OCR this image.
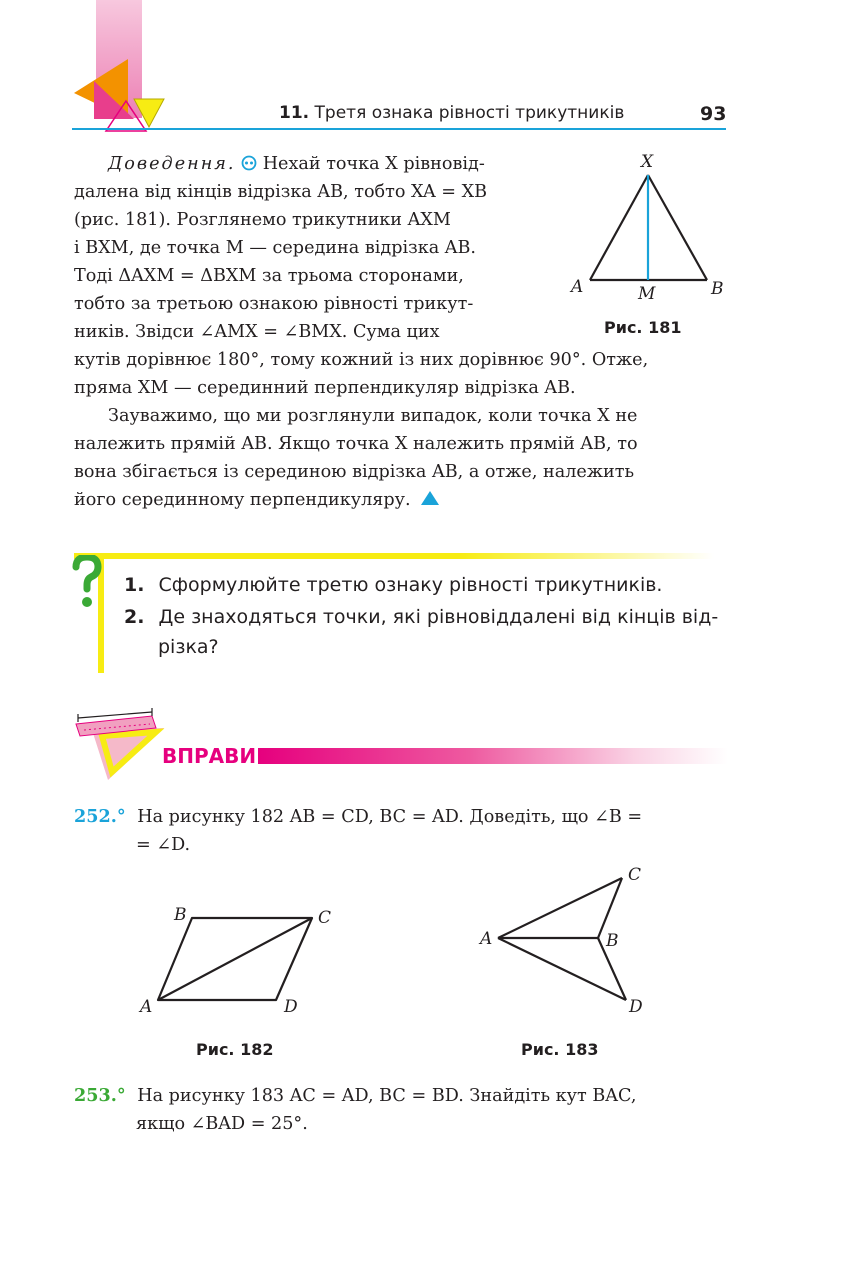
11. Третя ознака рівності трикутників	93
Доведення. Нехай точка X рівновід-
далена від кінців відрізка AB, тобто XA = XB
(рис. 181). Розглянемо трикутники AXM
і BXM, де точка M — середина відрізка AB.
Тоді ΔAXM = ΔBXM за трьома сторонами,
тобто за третьою ознакою рівності трикут-
ників. Звідси ∠AMX = ∠BMX. Сума цих
кутів дорівнює 180°, тому кожний із них дорівнює 90°. Отже,
пряма XM — серединний перпендикуляр відрізка AB.
Зауважимо, що ми розглянули випадок, коли точка X не
належить прямій AB. Якщо точка X належить прямій AB, то
вона збігається із серединою відрізка AB, а отже, належить
його серединному перпендикуляру.
X
A	M	B
Рис. 181
1. Сформулюйте третю ознаку рівності трикутників.
2. Де знаходяться точки, які рівновіддалені від кінців від-
різка?
ВПРАВИ
252.° На рисунку 182 AB = CD, BC = AD. Доведіть, що ∠B =
= ∠D.
B	C
A	D
Рис. 182
C
A	B
D
Рис. 183
253.° На рисунку 183 AC = AD, BC = BD. Знайдіть кут BAC,
якщо ∠BAD = 25°.
